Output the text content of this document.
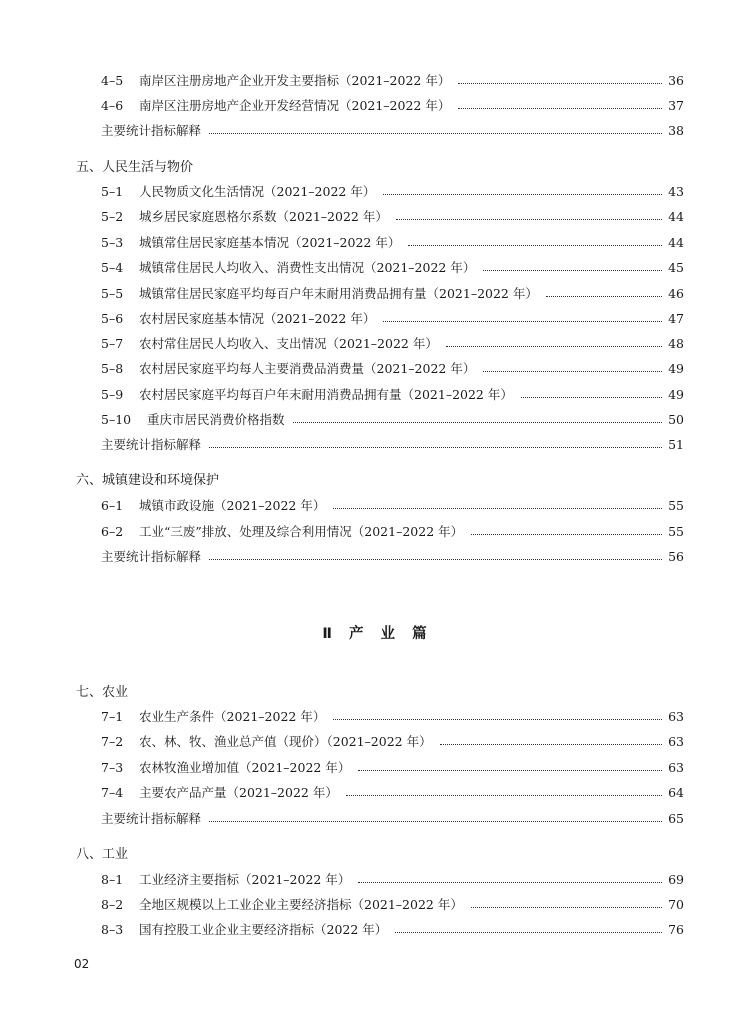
4–5	南岸区注册房地产企业开发主要指标（2021–2022 年）	36
4–6	南岸区注册房地产企业开发经营情况（2021–2022 年）	37
主要统计指标解释	38
五、人民生活与物价
5–1	人民物质文化生活情况（2021–2022 年）	43
5–2	城乡居民家庭恩格尔系数（2021–2022 年）	44
5–3	城镇常住居民家庭基本情况（2021–2022 年）	44
5–4	城镇常住居民人均收入、消费性支出情况（2021–2022 年）	45
5–5	城镇常住居民家庭平均每百户年末耐用消费品拥有量（2021–2022 年）	46
5–6	农村居民家庭基本情况（2021–2022 年）	47
5–7	农村常住居民人均收入、支出情况（2021–2022 年）	48
5–8	农村居民家庭平均每人主要消费品消费量（2021–2022 年）	49
5–9	农村居民家庭平均每百户年末耐用消费品拥有量（2021–2022 年）	49
5–10	重庆市居民消费价格指数	50
主要统计指标解释	51
六、城镇建设和环境保护
6–1	城镇市政设施（2021–2022 年）	55
6–2	工业“三废”排放、处理及综合利用情况（2021–2022 年）	55
主要统计指标解释	56
七、农业
7–1	农业生产条件（2021–2022 年）	63
7–2	农、林、牧、渔业总产值（现价）（2021–2022 年）	63
7–3	农林牧渔业增加值（2021–2022 年）	63
7–4	主要农产品产量（2021–2022 年）	64
主要统计指标解释	65
八、工业
8–1	工业经济主要指标（2021–2022 年）	69
8–2	全地区规模以上工业企业主要经济指标（2021–2022 年）	70
8–3	国有控股工业企业主要经济指标（2022 年）	76
Ⅱ 产 业 篇
02
